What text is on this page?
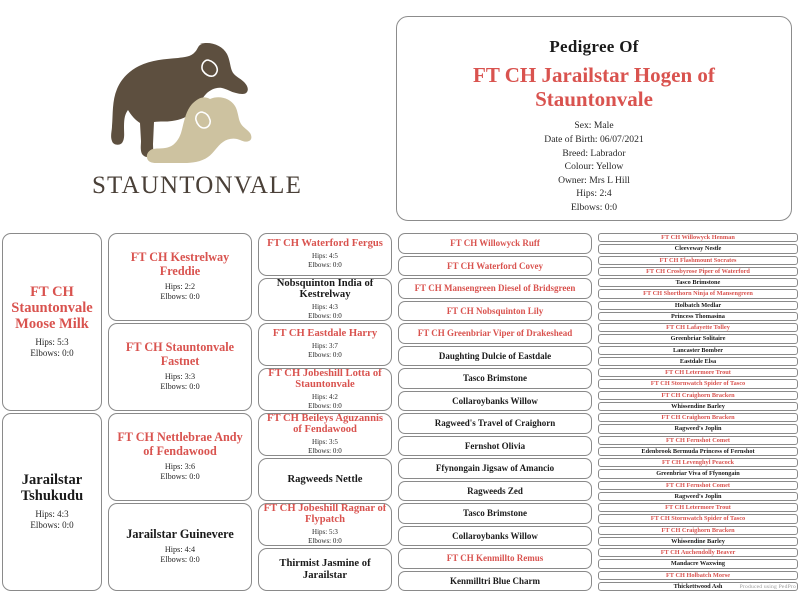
STAUNTONVALE
Pedigree Of
FT CH Jarailstar Hogen of Stauntonvale
Sex: Male
Date of Birth: 06/07/2021
Breed: Labrador
Colour: Yellow
Owner: Mrs L Hill
Hips: 2:4
Elbows: 0:0
FT CH Stauntonvale Moose Milk
Hips: 5:3
Elbows: 0:0
Jarailstar Tshukudu
Hips: 4:3
Elbows: 0:0
FT CH Kestrelway Freddie
Hips: 2:2
Elbows: 0:0
FT CH Stauntonvale Fastnet
Hips: 3:3
Elbows: 0:0
FT CH Nettlebrae Andy of Fendawood
Hips: 3:6
Elbows: 0:0
Jarailstar Guinevere
Hips: 4:4
Elbows: 0:0
FT CH Waterford Fergus
Hips: 4:5
Elbows: 0:0
Nobsquinton India of Kestrelway
Hips: 4:3
Elbows: 0:0
FT CH Eastdale Harry
Hips: 3:7
Elbows: 0:0
FT CH Jobeshill Lotta of Stauntonvale
Hips: 4:2
Elbows: 0:0
FT CH Beileys Aguzannis of Fendawood
Hips: 3:5
Elbows: 0:0
Ragweeds Nettle
FT CH Jobeshill Ragnar of Flypatch
Hips: 5:3
Elbows: 0:0
Thirmist Jasmine of Jarailstar
FT CH Willowyck Ruff
FT CH Waterford Covey
FT CH Mansengreen Diesel of Bridsgreen
FT CH Nobsquinton Lily
FT CH Greenbriar Viper of Drakeshead
Daughting Dulcie of Eastdale
Tasco Brimstone
Collaroybanks Willow
Ragweed's Travel of Craighorn
Fernshot Olivia
Ffynongain Jigsaw of Amancio
Ragweeds Zed
Tasco Brimstone
Collaroybanks Willow
FT CH Kenmillto Remus
Kenmilltri Blue Charm
FT CH Willowyck Henman
Cleeveway Nestle
FT CH Flashmount Socrates
FT CH Crosbyrose Piper of Waterford
Tasco Brimstone
FT CH Shorthorn Ninja of Mansengreen
Holbatch Medlar
Princess Thomasina
FT CH Lafayette Tolley
Greenbriar Solitaire
Lancaster Bomber
Eastdale Elsa
FT CH Letermore Trout
FT CH Stornwatch Spider of Tasco
FT CH Craighorn Bracken
Whissendine Barley
FT CH Craighorn Bracken
Ragweed's Joplin
FT CH Fernshot Comet
Edenbrook Bermuda Princess of Fernshot
FT CH Levenghyl Peacock
Greenbriar Viva of Ffynongain
FT CH Fernshot Comet
Ragweed's Joplin
FT CH Letermore Trout
FT CH Stornwatch Spider of Tasco
FT CH Craighorn Bracken
Whissendine Barley
FT CH Auchendolly Beaver
Mandacre Waxwing
FT CH Holbatch Morse
Thickettwood Ash	Produced using PedPro
